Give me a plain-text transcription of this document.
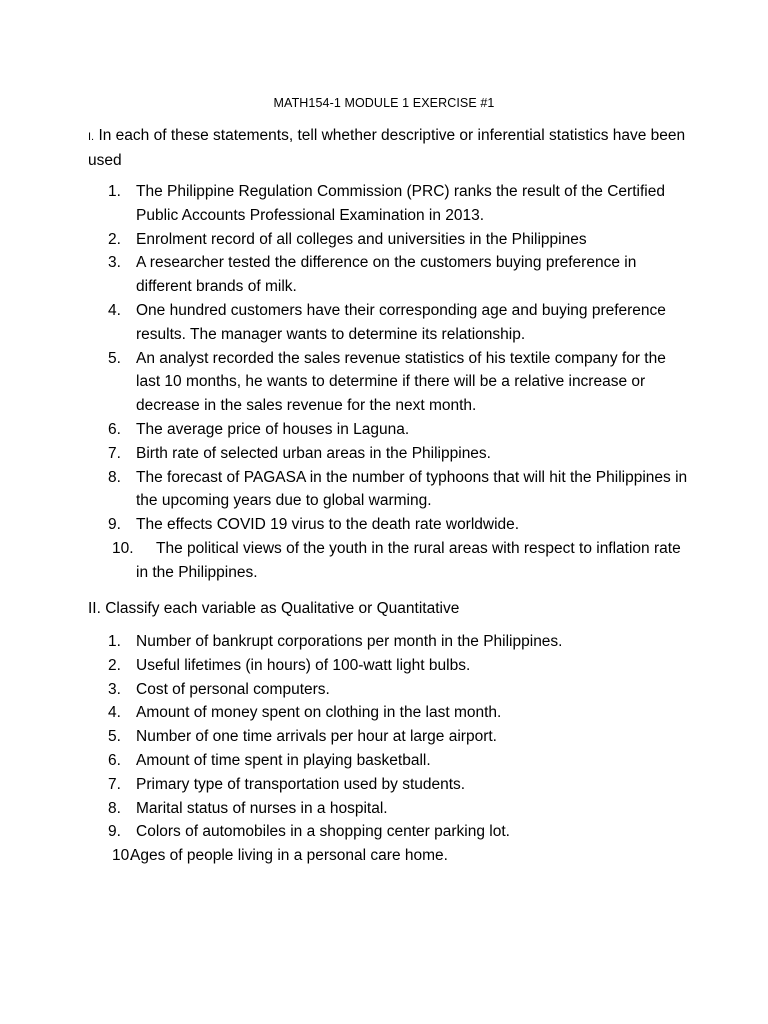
MATH154-1 MODULE 1 EXERCISE #1
I. In each of these statements, tell whether descriptive or inferential statistics have been used
1. The Philippine Regulation Commission (PRC) ranks the result of the Certified Public Accounts Professional Examination in 2013.
2. Enrolment record of all colleges and universities in the Philippines
3. A researcher tested the difference on the customers buying preference in different brands of milk.
4. One hundred customers have their corresponding age and buying preference results. The manager wants to determine its relationship.
5. An analyst recorded the sales revenue statistics of his textile company for the last 10 months, he wants to determine if there will be a relative increase or decrease in the sales revenue for the next month.
6. The average price of houses in Laguna.
7. Birth rate of selected urban areas in the Philippines.
8. The forecast of PAGASA in the number of typhoons that will hit the Philippines in the upcoming years due to global warming.
9. The effects COVID 19 virus to the death rate worldwide.
10. The political views of the youth in the rural areas with respect to inflation rate in the Philippines.
II. Classify each variable as Qualitative or Quantitative
1. Number of bankrupt corporations per month in the Philippines.
2. Useful lifetimes (in hours) of 100-watt light bulbs.
3. Cost of personal computers.
4. Amount of money spent on clothing in the last month.
5. Number of one time arrivals per hour at large airport.
6. Amount of time spent in playing basketball.
7. Primary type of transportation used by students.
8. Marital status of nurses in a hospital.
9. Colors of automobiles in a shopping center parking lot.
10.
Ages of people living in a personal care home.
